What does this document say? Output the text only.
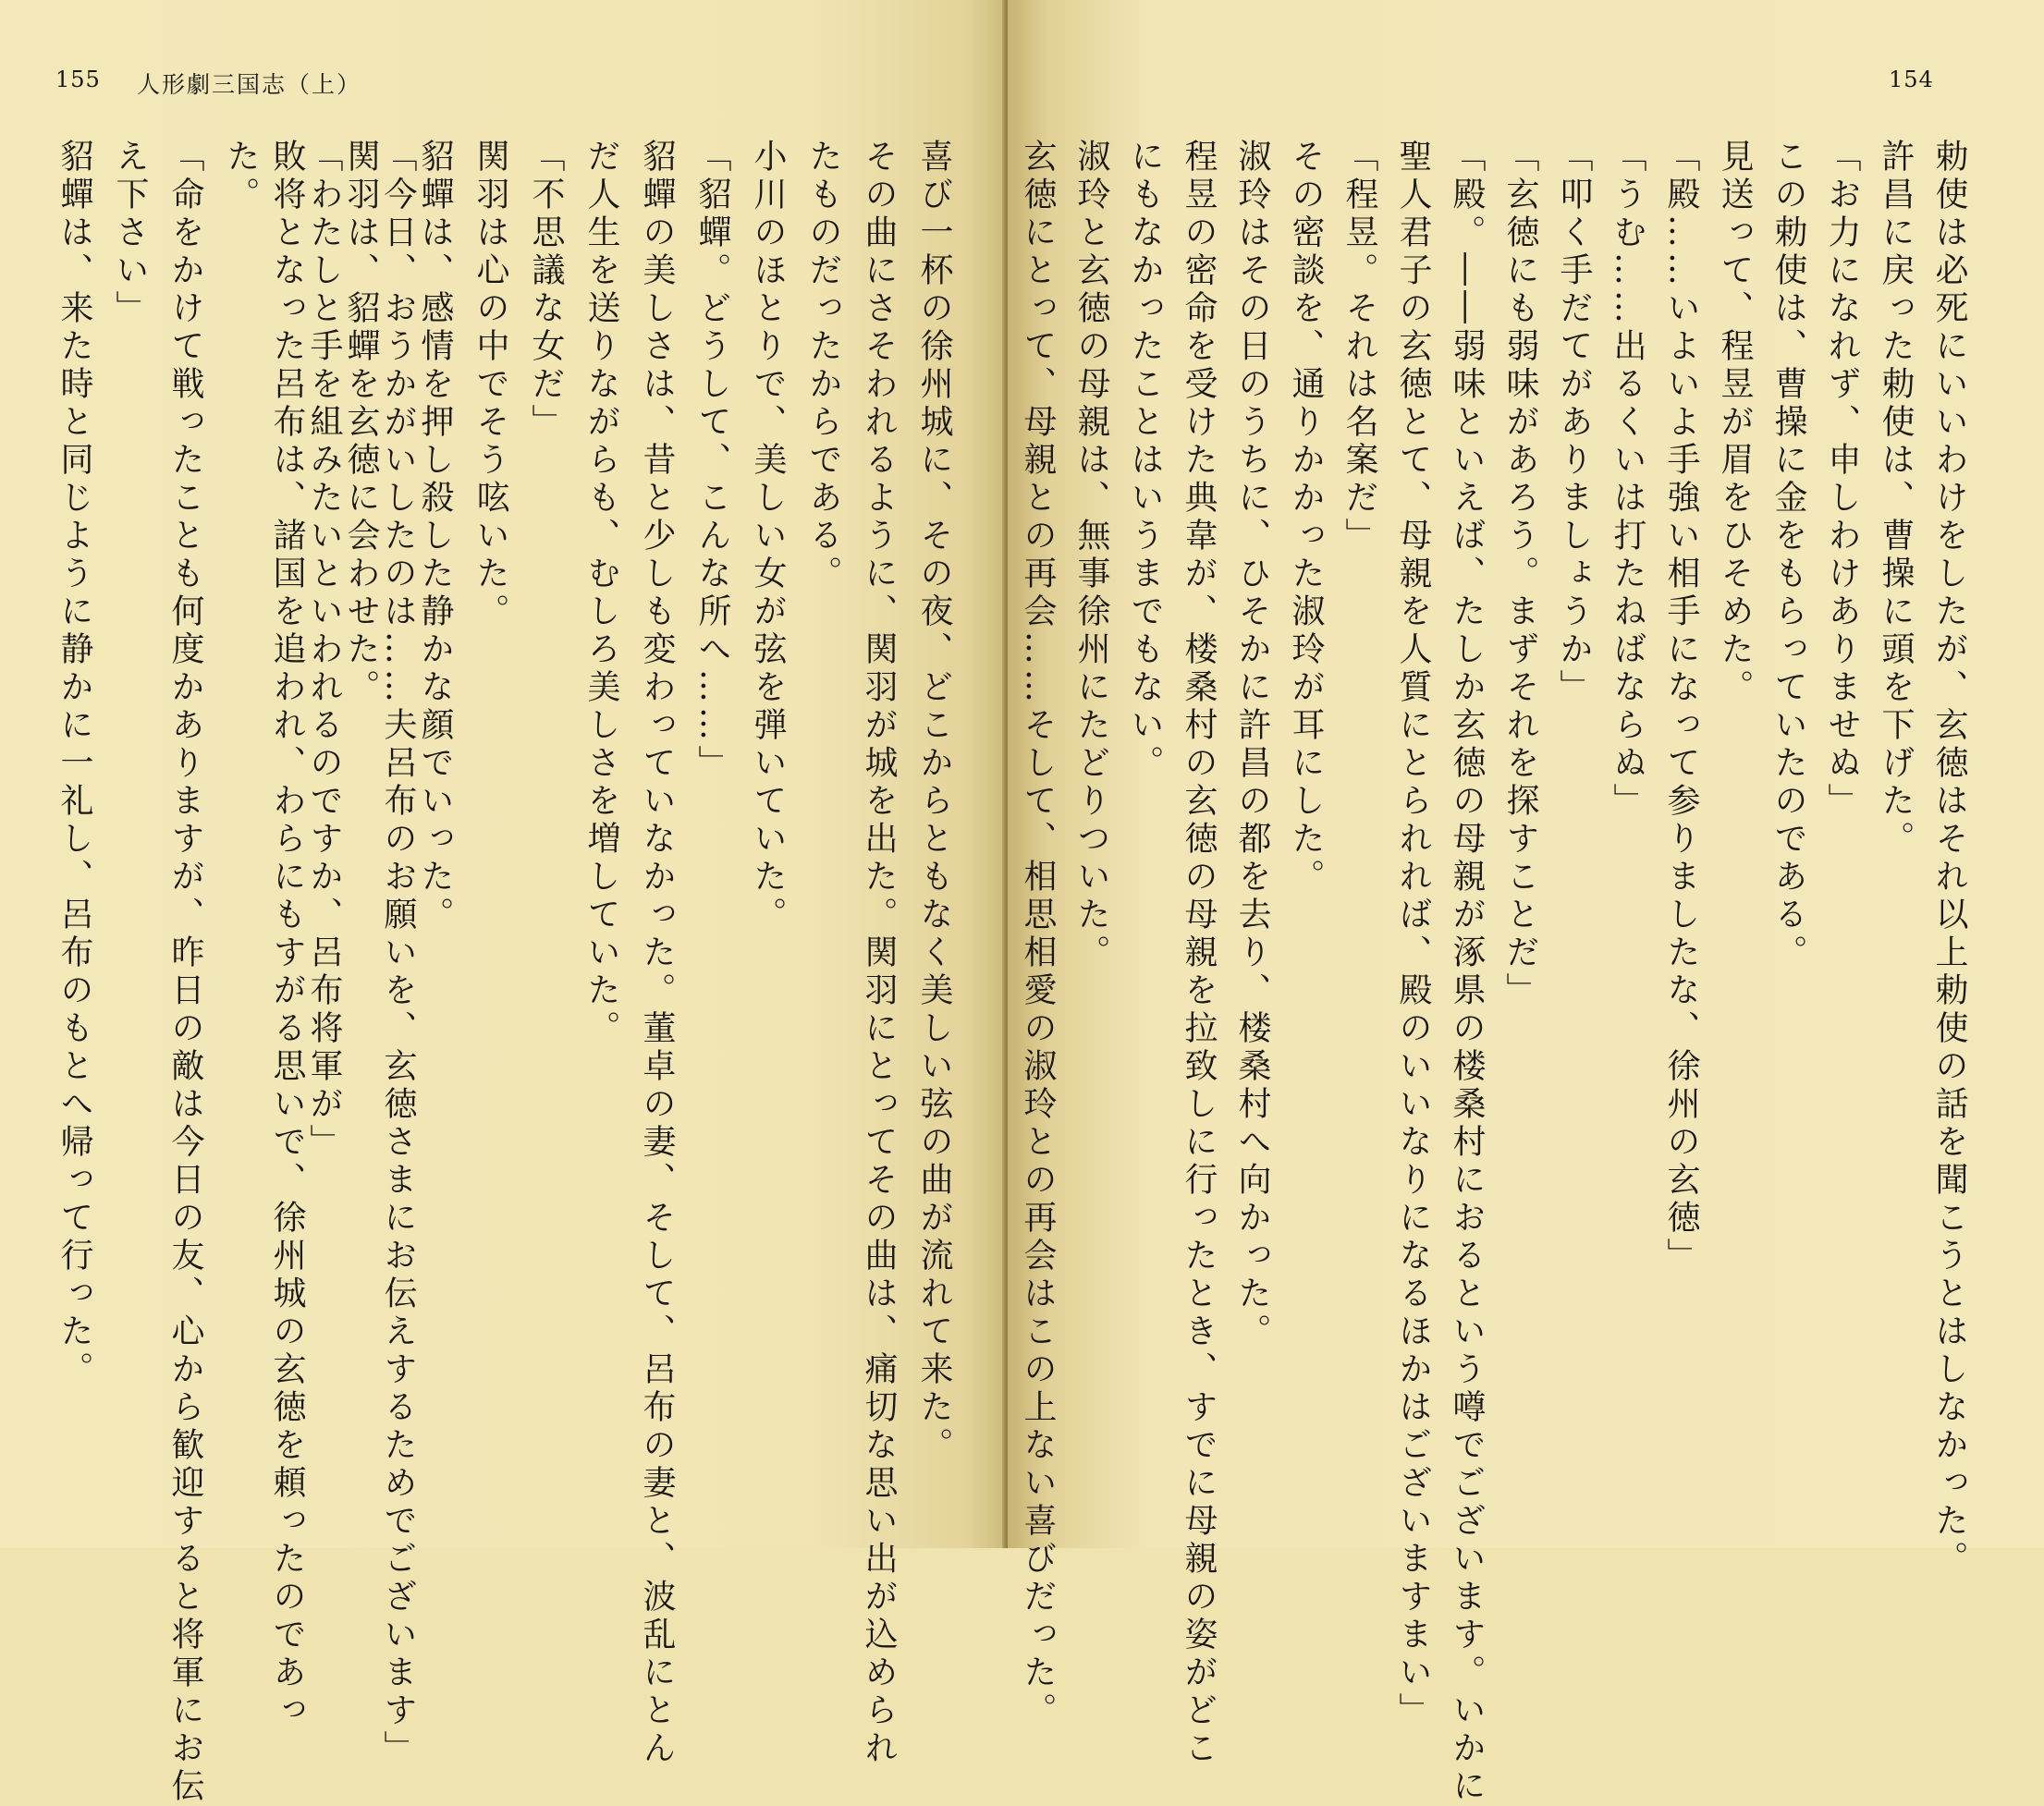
155 人形劇三国志（上）
喜び一杯の徐州城に、その夜、どこからともなく美しい弦の曲が流れて来た。
その曲にさそわれるように、関羽が城を出た。関羽にとってその曲は、痛切な思い出が込められ
たものだったからである。
小川のほとりで、美しい女が弦を弾いていた。
「貂蟬。どうして、こんな所へ……」
貂蟬の美しさは、昔と少しも変わっていなかった。董卓の妻、そして、呂布の妻と、波乱にとん
だ人生を送りながらも、むしろ美しさを増していた。
「不思議な女だ」
関羽は心の中でそう呟いた。
貂蟬は、感情を押し殺した静かな顔でいった。
「今日、おうかがいしたのは……夫呂布のお願いを、玄徳さまにお伝えするためでございます」
関羽は、貂蟬を玄徳に会わせた。
「わたしと手を組みたいといわれるのですか、呂布将軍が」
敗将となった呂布は、諸国を追われ、わらにもすがる思いで、徐州城の玄徳を頼ったのであっ
た。
「命をかけて戦ったことも何度かありますが、昨日の敵は今日の友、心から歓迎すると将軍にお伝
え下さい」
貂蟬は、来た時と同じように静かに一礼し、呂布のもとへ帰って行った。
154
勅使は必死にいいわけをしたが、玄徳はそれ以上勅使の話を聞こうとはしなかった。
許昌に戻った勅使は、曹操に頭を下げた。
「お力になれず、申しわけありませぬ」
この勅使は、曹操に金をもらっていたのである。
見送って、程昱が眉をひそめた。
「殿……いよいよ手強い相手になって参りましたな、徐州の玄徳」
「うむ……出るくいは打たねばならぬ」
「叩く手だてがありましょうか」
「玄徳にも弱味があろう。まずそれを探すことだ」
「殿。――弱味といえば、たしか玄徳の母親が涿県の楼桑村におるという噂でございます。いかに
聖人君子の玄徳とて、母親を人質にとられれば、殿のいいなりになるほかはございますまい」
「程昱。それは名案だ」
その密談を、通りかかった淑玲が耳にした。
淑玲はその日のうちに、ひそかに許昌の都を去り、楼桑村へ向かった。
程昱の密命を受けた典韋が、楼桑村の玄徳の母親を拉致しに行ったとき、すでに母親の姿がどこ
にもなかったことはいうまでもない。
淑玲と玄徳の母親は、無事徐州にたどりついた。
玄徳にとって、母親との再会……そして、相思相愛の淑玲との再会はこの上ない喜びだった。
